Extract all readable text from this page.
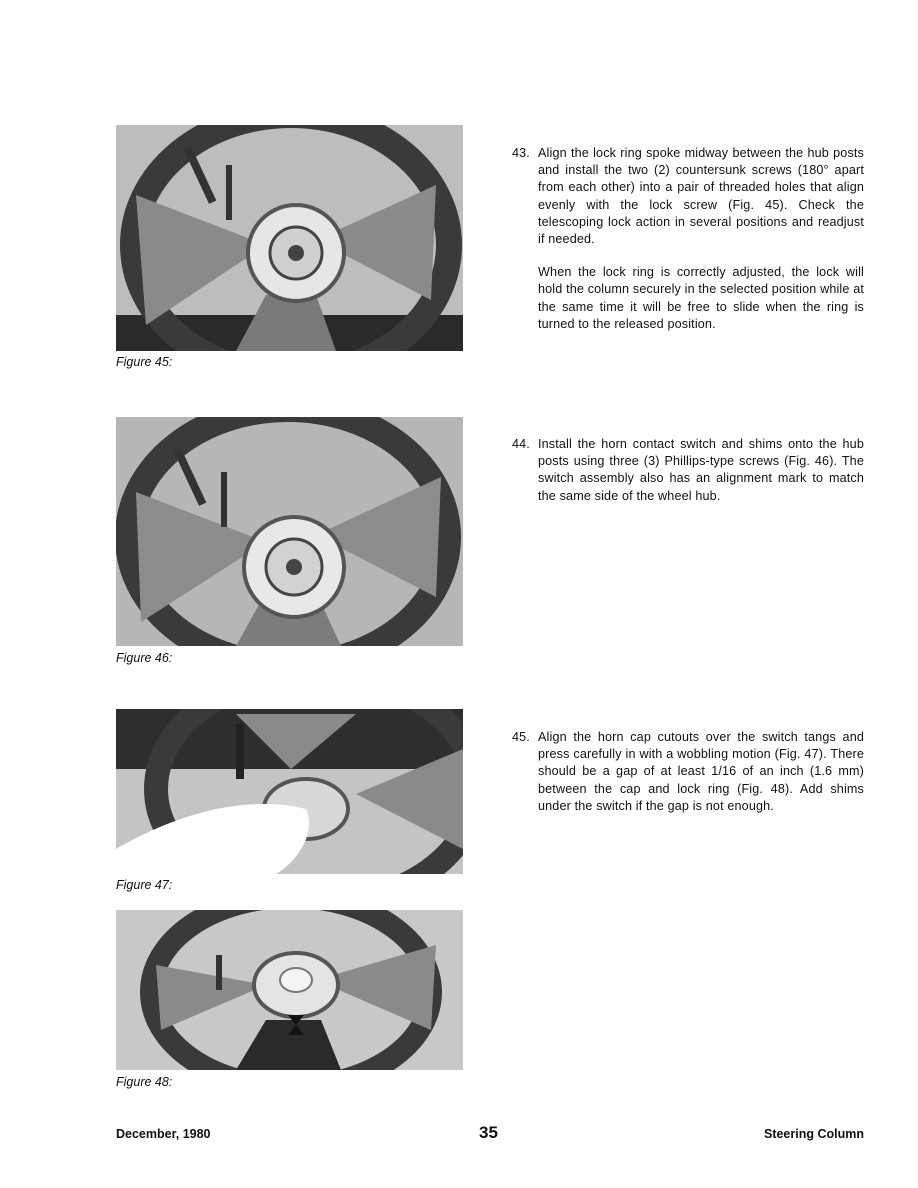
Figure 45:
Figure 46:
Figure 47:
Figure 48:
43. Align the lock ring spoke midway between the hub posts and install the two (2) countersunk screws (180° apart from each other) into a pair of threaded holes that align evenly with the lock screw (Fig. 45). Check the telescoping lock action in several positions and readjust if needed.

When the lock ring is correctly adjusted, the lock will hold the column securely in the selected position while at the same time it will be free to slide when the ring is turned to the released position.

44. Install the horn contact switch and shims onto the hub posts using three (3) Phillips-type screws (Fig. 46). The switch assembly also has an alignment mark to match the same side of the wheel hub.

45. Align the horn cap cutouts over the switch tangs and press carefully in with a wobbling motion (Fig. 47). There should be a gap of at least 1/16 of an inch (1.6 mm) between the cap and lock ring (Fig. 48). Add shims under the switch if the gap is not enough.

December, 1980	35	Steering Column
